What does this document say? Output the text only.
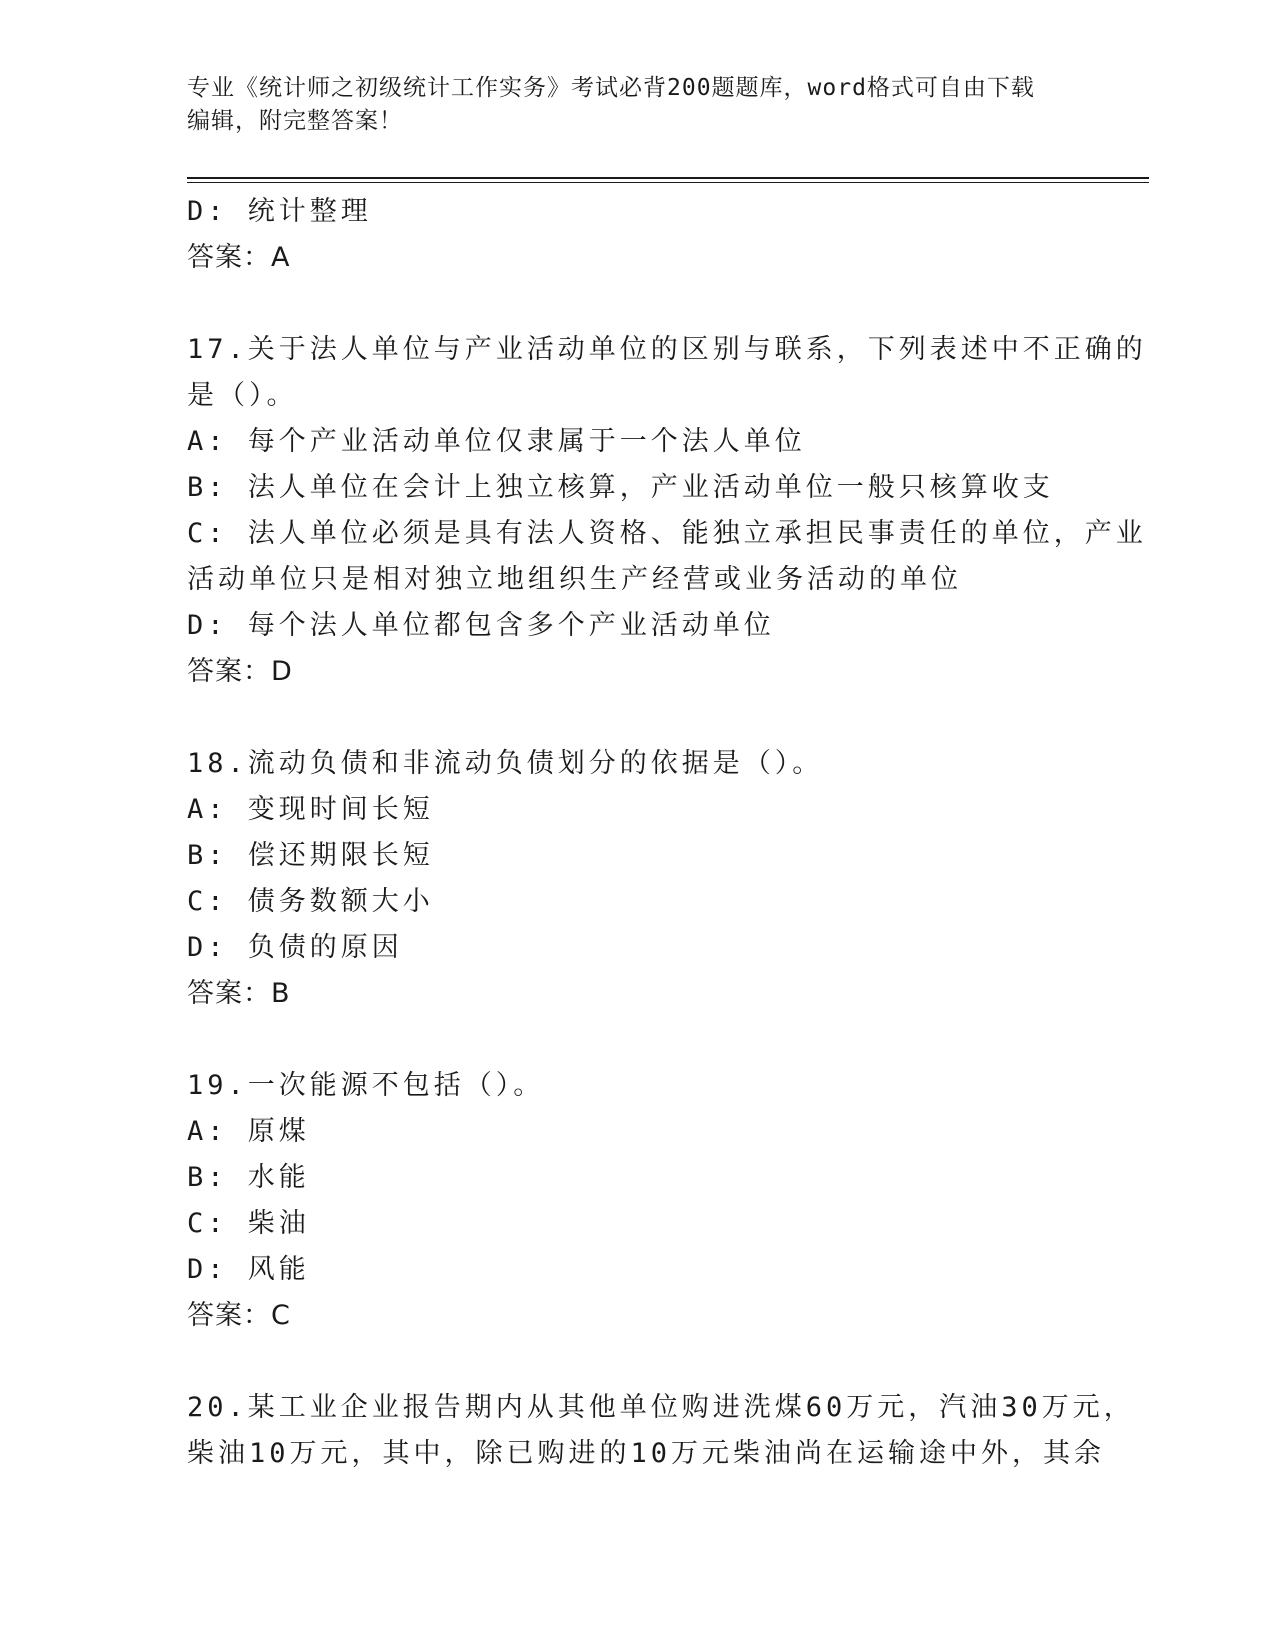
专业《统计师之初级统计工作实务》考试必背200题题库，word格式可自由下载
编辑，附完整答案！
D: 统计整理
答案：A
17.关于法人单位与产业活动单位的区别与联系，下列表述中不正确的
是（）。
A: 每个产业活动单位仅隶属于一个法人单位
B: 法人单位在会计上独立核算，产业活动单位一般只核算收支
C: 法人单位必须是具有法人资格、能独立承担民事责任的单位，产业
活动单位只是相对独立地组织生产经营或业务活动的单位
D: 每个法人单位都包含多个产业活动单位
答案：D
18.流动负债和非流动负债划分的依据是（）。
A: 变现时间长短
B: 偿还期限长短
C: 债务数额大小
D: 负债的原因
答案：B
19.一次能源不包括（）。
A: 原煤
B: 水能
C: 柴油
D: 风能
答案：C
20.某工业企业报告期内从其他单位购进洗煤60万元，汽油30万元，
柴油10万元，其中，除已购进的10万元柴油尚在运输途中外，其余
